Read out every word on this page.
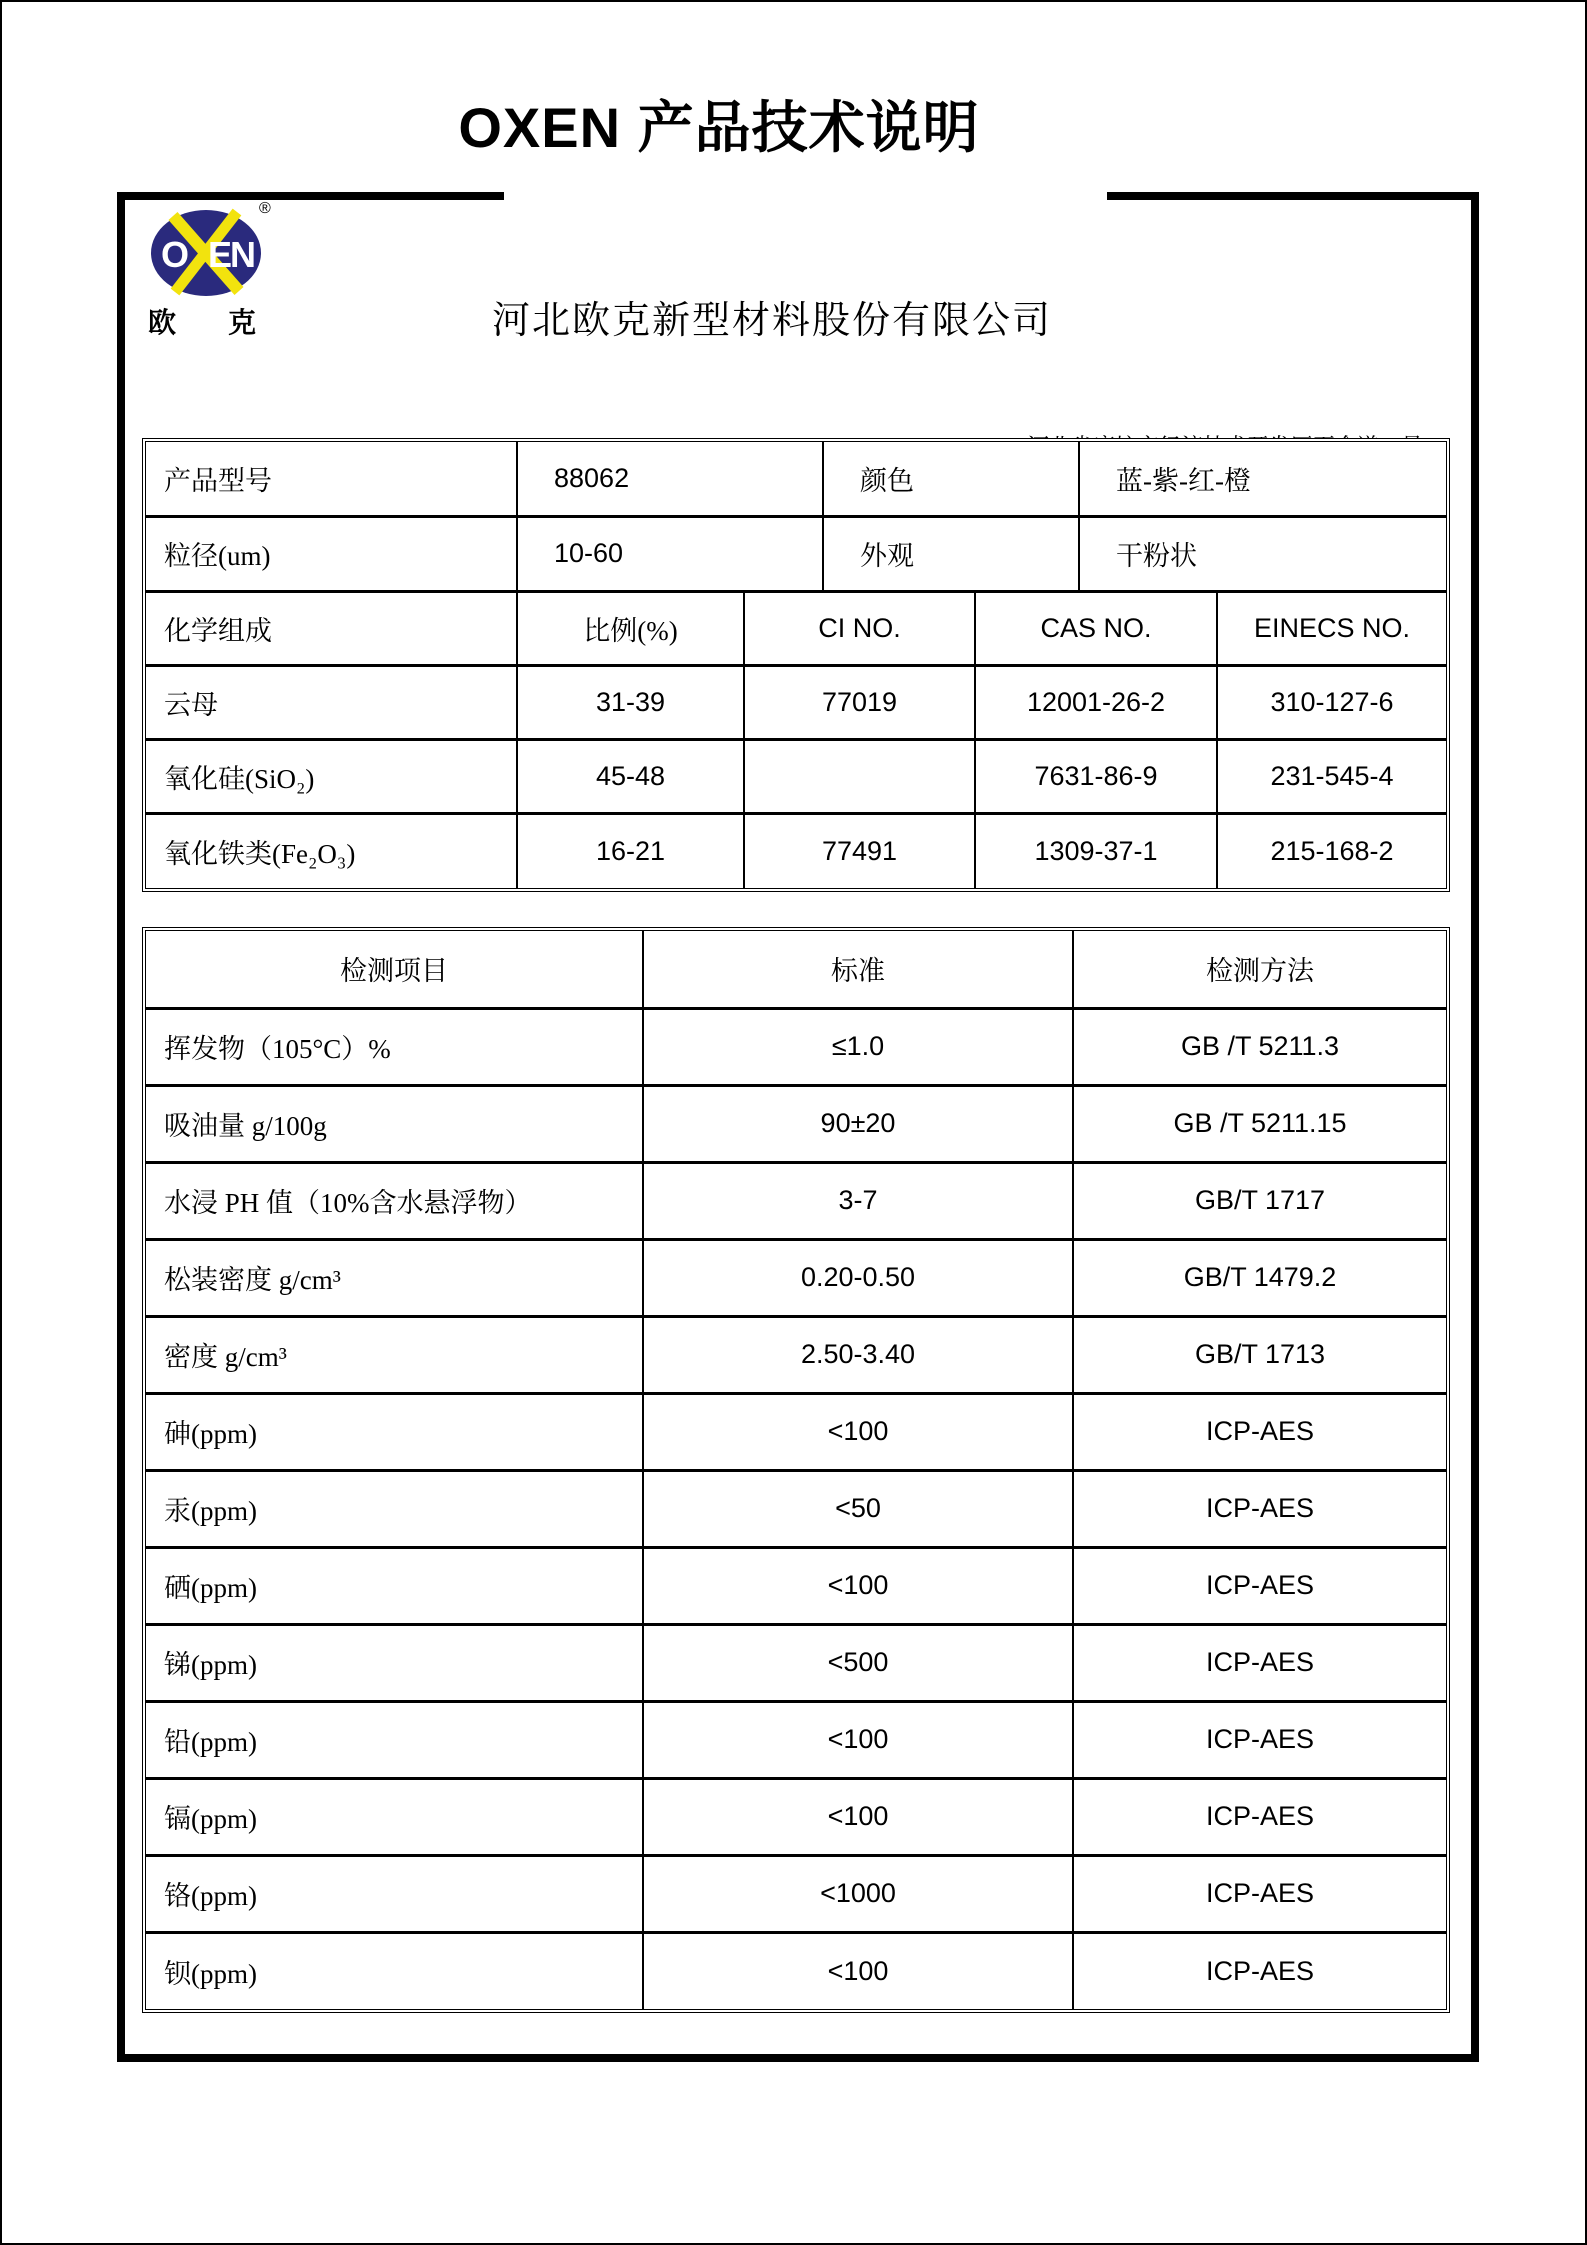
OXEN 产品技术说明
O EN
®
欧 克	河北欧克新型材料股份有限公司

产品型号	88062	颜色	蓝-紫-红-橙
粒径(um)	10-60	外观	干粉状
化学组成	比例(%)	CI NO.	CAS NO.	EINECS NO.
云母	31-39	77019	12001-26-2	310-127-6
氧化硅(SiO₂)	45-48		7631-86-9	231-545-4
氧化铁类(Fe₂O₃)	16-21	77491	1309-37-1	215-168-2
检测项目	标准	检测方法
挥发物（105°C）%	≤1.0	GB /T 5211.3
吸油量 g/100g	90±20	GB /T 5211.15
水浸 PH 值（10%含水悬浮物）	3-7	GB/T 1717
松装密度 g/cm³	0.20-0.50	GB/T 1479.2
密度 g/cm³	2.50-3.40	GB/T 1713
砷(ppm)	<100	ICP-AES
汞(ppm)	<50	ICP-AES
硒(ppm)	<100	ICP-AES
锑(ppm)	<500	ICP-AES
铅(ppm)	<100	ICP-AES
镉(ppm)	<100	ICP-AES
铬(ppm)	<1000	ICP-AES
钡(ppm)	<100	ICP-AES
